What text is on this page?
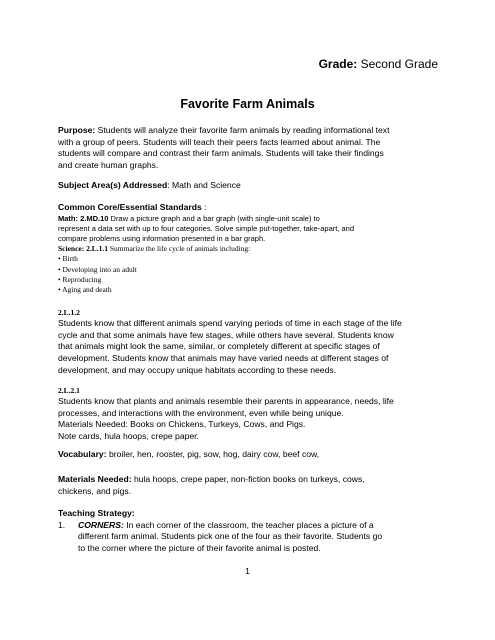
Grade: Second Grade
Favorite Farm Animals
Purpose: Students will analyze their favorite farm animals by reading informational text
with a group of peers. Students will teach their peers facts learned about animal. The
students will compare and contrast their farm animals. Students will take their findings
and create human graphs.
Subject Area(s) Addressed: Math and Science
Common Core/Essential Standards :
Math: 2.MD.10 Draw a picture graph and a bar graph (with single-unit scale) to
represent a data set with up to four categories. Solve simple put-together, take-apart, and
compare problems using information presented in a bar graph.
Science: 2.L.1.1 Summarize the life cycle of animals including:
• Birth
• Developing into an adult
• Reproducing
• Aging and death
2.L.1.2
Students know that different animals spend varying periods of time in each stage of the life
cycle and that some animals have few stages, while others have several. Students know
that animals might look the same, similar, or completely different at specific stages of
development. Students know that animals may have varied needs at different stages of
development, and may occupy unique habitats according to these needs.
2.L.2.1
Students know that plants and animals resemble their parents in appearance, needs, life
processes, and interactions with the environment, even while being unique.
Materials Needed: Books on Chickens, Turkeys, Cows, and Pigs.
Note cards, hula hoops, crepe paper.
Vocabulary: broiler, hen, rooster, pig, sow, hog, dairy cow, beef cow,
Materials Needed: hula hoops, crepe paper, non-fiction books on turkeys, cows,
chickens, and pigs.
Teaching Strategy:
1. CORNERS: In each corner of the classroom, the teacher places a picture of a
different farm animal. Students pick one of the four as their favorite. Students go
to the corner where the picture of their favorite animal is posted.
1
